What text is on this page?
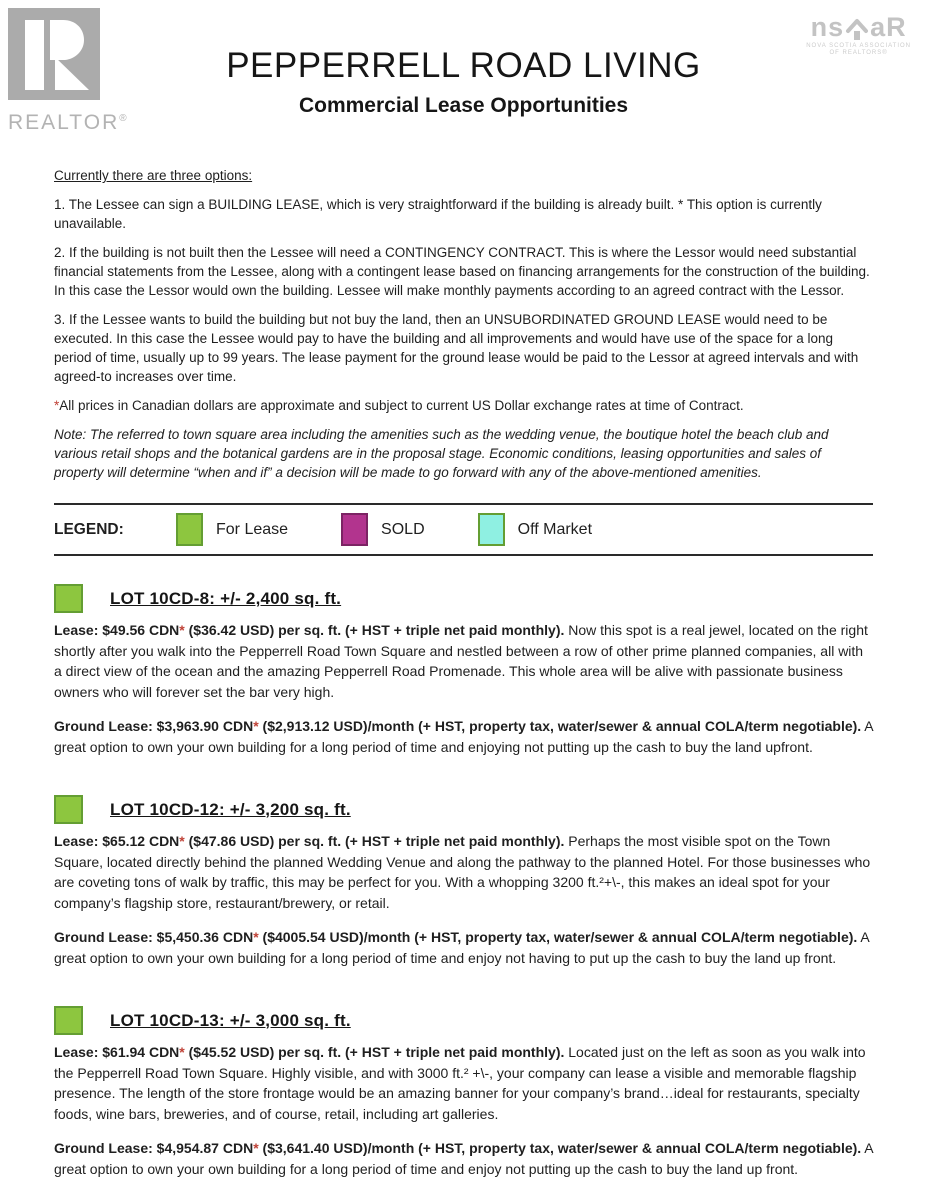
REALTOR®
PEPPERRELL ROAD LIVING
Commercial Lease Opportunities
ns aR
NOVA SCOTIA ASSOCIATION
OF REALTORS®

Currently there are three options:

1. The Lessee can sign a BUILDING LEASE, which is very straightforward if the building is already built. * This option is currently unavailable.

2. If the building is not built then the Lessee will need a CONTINGENCY CONTRACT. This is where the Lessor would need substantial financial statements from the Lessee, along with a contingent lease based on financing arrangements for the construction of the building. In this case the Lessor would own the building. Lessee will make monthly payments according to an agreed contract with the Lessor.

3. If the Lessee wants to build the building but not buy the land, then an UNSUBORDINATED GROUND LEASE would need to be executed. In this case the Lessee would pay to have the building and all improvements and would have use of the space for a long period of time, usually up to 99 years. The lease payment for the ground lease would be paid to the Lessor at agreed intervals and with agreed-to increases over time.

*All prices in Canadian dollars are approximate and subject to current US Dollar exchange rates at time of Contract.

Note: The referred to town square area including the amenities such as the wedding venue, the boutique hotel the beach club and various retail shops and the botanical gardens are in the proposal stage. Economic conditions, leasing opportunities and sales of property will determine “when and if” a decision will be made to go forward with any of the above-mentioned amenities.

LEGEND:	For Lease	SOLD	Off Market
LOT 10CD-8: +/- 2,400 sq. ft.

Lease: $49.56 CDN* ($36.42 USD) per sq. ft. (+ HST + triple net paid monthly). Now this spot is a real jewel, located on the right shortly after you walk into the Pepperrell Road Town Square and nestled between a row of other prime planned companies, all with a direct view of the ocean and the amazing Pepperrell Road Promenade. This whole area will be alive with passionate business owners who will forever set the bar very high.

Ground Lease: $3,963.90 CDN* ($2,913.12 USD)/month (+ HST, property tax, water/sewer & annual COLA/term negotiable). A great option to own your own building for a long period of time and enjoying not putting up the cash to buy the land upfront.

LOT 10CD-12: +/- 3,200 sq. ft.

Lease: $65.12 CDN* ($47.86 USD) per sq. ft. (+ HST + triple net paid monthly). Perhaps the most visible spot on the Town Square, located directly behind the planned Wedding Venue and along the pathway to the planned Hotel. For those businesses who are coveting tons of walk by traffic, this may be perfect for you. With a whopping 3200 ft.²+\-, this makes an ideal spot for your company’s flagship store, restaurant/brewery, or retail.

Ground Lease: $5,450.36 CDN* ($4005.54 USD)/month (+ HST, property tax, water/sewer & annual COLA/term negotiable). A great option to own your own building for a long period of time and enjoy not having to put up the cash to buy the land up front.

LOT 10CD-13: +/- 3,000 sq. ft.

Lease: $61.94 CDN* ($45.52 USD) per sq. ft. (+ HST + triple net paid monthly). Located just on the left as soon as you walk into the Pepperrell Road Town Square. Highly visible, and with 3000 ft.² +\-, your company can lease a visible and memorable flagship presence. The length of the store frontage would be an amazing banner for your company’s brand…ideal for restaurants, specialty foods, wine bars, breweries, and of course, retail, including art galleries.

Ground Lease: $4,954.87 CDN* ($3,641.40 USD)/month (+ HST, property tax, water/sewer & annual COLA/term negotiable). A great option to own your own building for a long period of time and enjoy not putting up the cash to buy the land up front.
